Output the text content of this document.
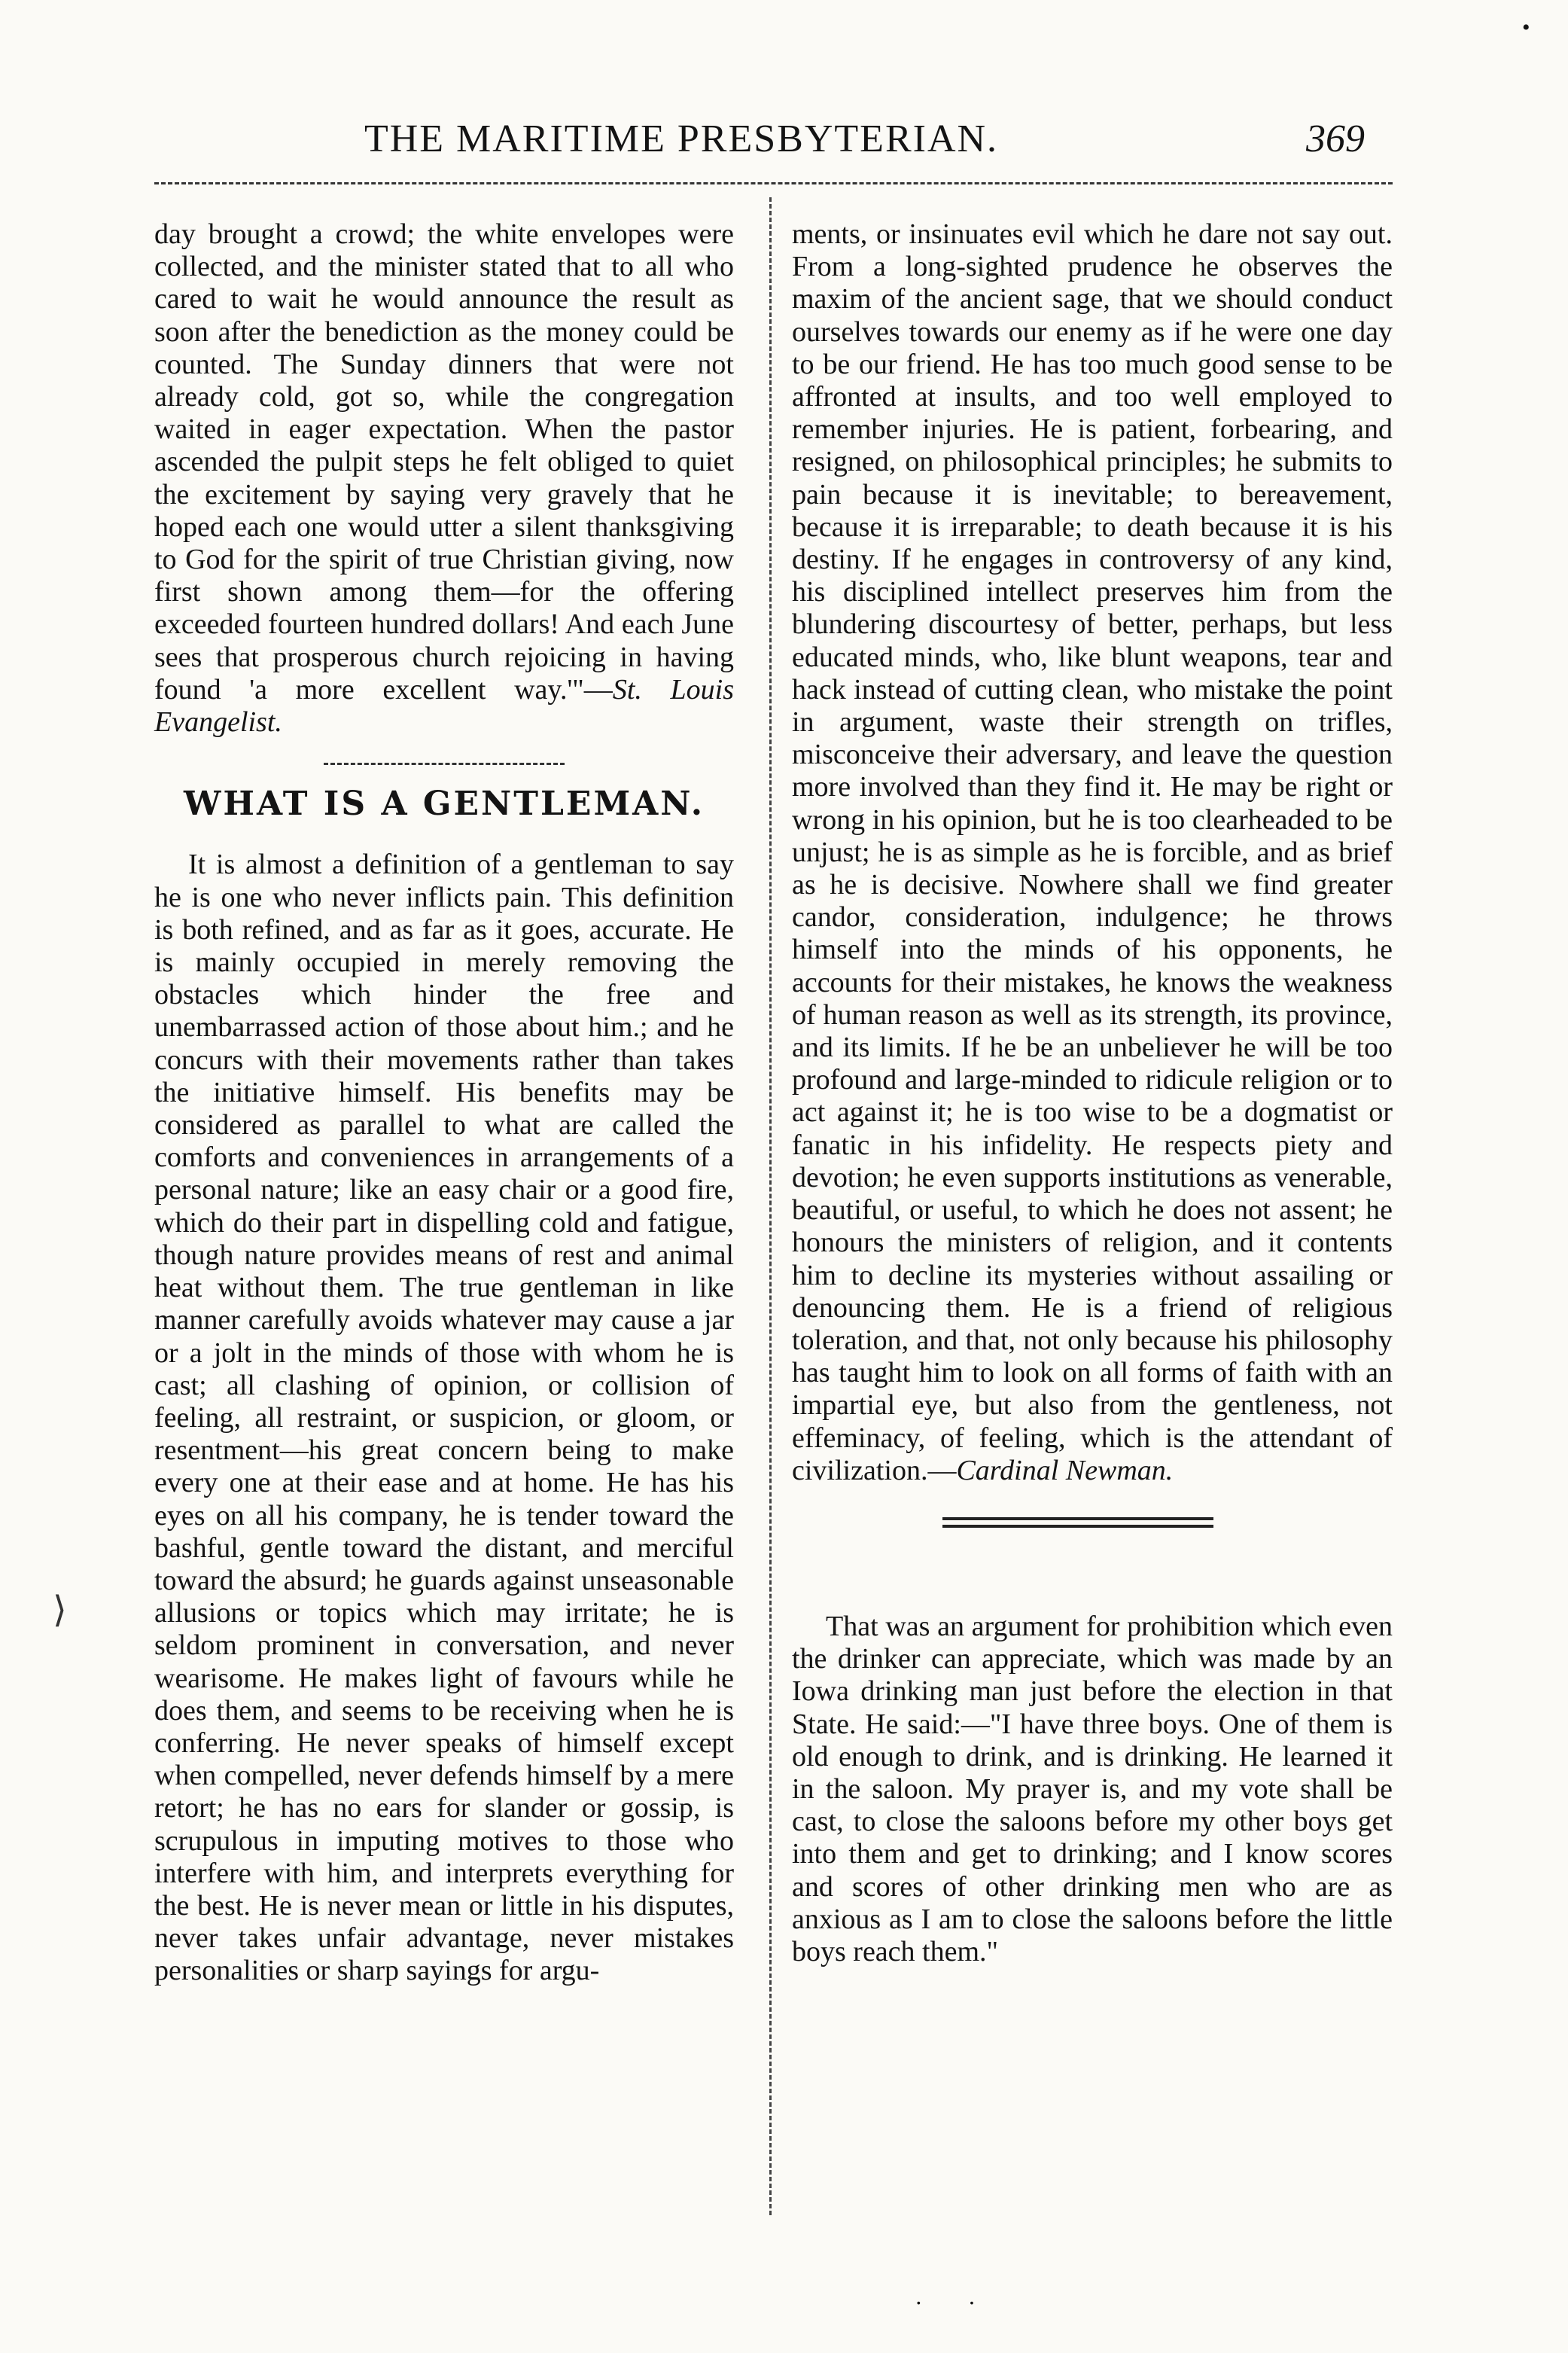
•
THE MARITIME PRESBYTERIAN.	369

day brought a crowd; the white envelopes were collected, and the minister stated that to all who cared to wait he would announce the result as soon after the benediction as the money could be counted. The Sunday dinners that were not already cold, got so, while the congregation waited in eager expectation. When the pastor ascended the pulpit steps he felt obliged to quiet the excitement by saying very gravely that he hoped each one would utter a silent thanksgiving to God for the spirit of true Christian giving, now first shown among them—for the offering exceeded fourteen hundred dollars! And each June sees that prosperous church rejoicing in having found 'a more excellent way.'"—St. Louis Evangelist.

WHAT IS A GENTLEMAN.

It is almost a definition of a gentleman to say he is one who never inflicts pain. This definition is both refined, and as far as it goes, accurate. He is mainly occupied in merely removing the obstacles which hinder the free and unembarrassed action of those about him.; and he concurs with their movements rather than takes the initiative himself. His benefits may be considered as parallel to what are called the comforts and conveniences in arrangements of a personal nature; like an easy chair or a good fire, which do their part in dispelling cold and fatigue, though nature provides means of rest and animal heat without them. The true gentleman in like manner carefully avoids whatever may cause a jar or a jolt in the minds of those with whom he is cast; all clashing of opinion, or collision of feeling, all restraint, or suspicion, or gloom, or resentment—his great concern being to make every one at their ease and at home. He has his eyes on all his company, he is tender toward the bashful, gentle toward the distant, and merciful toward the absurd; he guards against unseasonable allusions or topics which may irritate; he is seldom prominent in conversation, and never wearisome. He makes light of favours while he does them, and seems to be receiving when he is conferring. He never speaks of himself except when compelled, never defends himself by a mere retort; he has no ears for slander or gossip, is scrupulous in imputing motives to those who interfere with him, and interprets everything for the best. He is never mean or little in his disputes, never takes unfair advantage, never mistakes personalities or sharp sayings for argu-

ments, or insinuates evil which he dare not say out. From a long-sighted prudence he observes the maxim of the ancient sage, that we should conduct ourselves towards our enemy as if he were one day to be our friend. He has too much good sense to be affronted at insults, and too well employed to remember injuries. He is patient, forbearing, and resigned, on philosophical principles; he submits to pain because it is inevitable; to bereavement, because it is irreparable; to death because it is his destiny. If he engages in controversy of any kind, his disciplined intellect preserves him from the blundering discourtesy of better, perhaps, but less educated minds, who, like blunt weapons, tear and hack instead of cutting clean, who mistake the point in argument, waste their strength on trifles, misconceive their adversary, and leave the question more involved than they find it. He may be right or wrong in his opinion, but he is too clearheaded to be unjust; he is as simple as he is forcible, and as brief as he is decisive. Nowhere shall we find greater candor, consideration, indulgence; he throws himself into the minds of his opponents, he accounts for their mistakes, he knows the weakness of human reason as well as its strength, its province, and its limits. If he be an unbeliever he will be too profound and large-minded to ridicule religion or to act against it; he is too wise to be a dogmatist or fanatic in his infidelity. He respects piety and devotion; he even supports institutions as venerable, beautiful, or useful, to which he does not assent; he honours the ministers of religion, and it contents him to decline its mysteries without assailing or denouncing them. He is a friend of religious toleration, and that, not only because his philosophy has taught him to look on all forms of faith with an impartial eye, but also from the gentleness, not effeminacy, of feeling, which is the attendant of civilization.—Cardinal Newman.

That was an argument for prohibition which even the drinker can appreciate, which was made by an Iowa drinking man just before the election in that State. He said:—"I have three boys. One of them is old enough to drink, and is drinking. He learned it in the saloon. My prayer is, and my vote shall be cast, to close the saloons before my other boys get into them and get to drinking; and I know scores and scores of other drinking men who are as anxious as I am to close the saloons before the little boys reach them."

⟩
· ·
